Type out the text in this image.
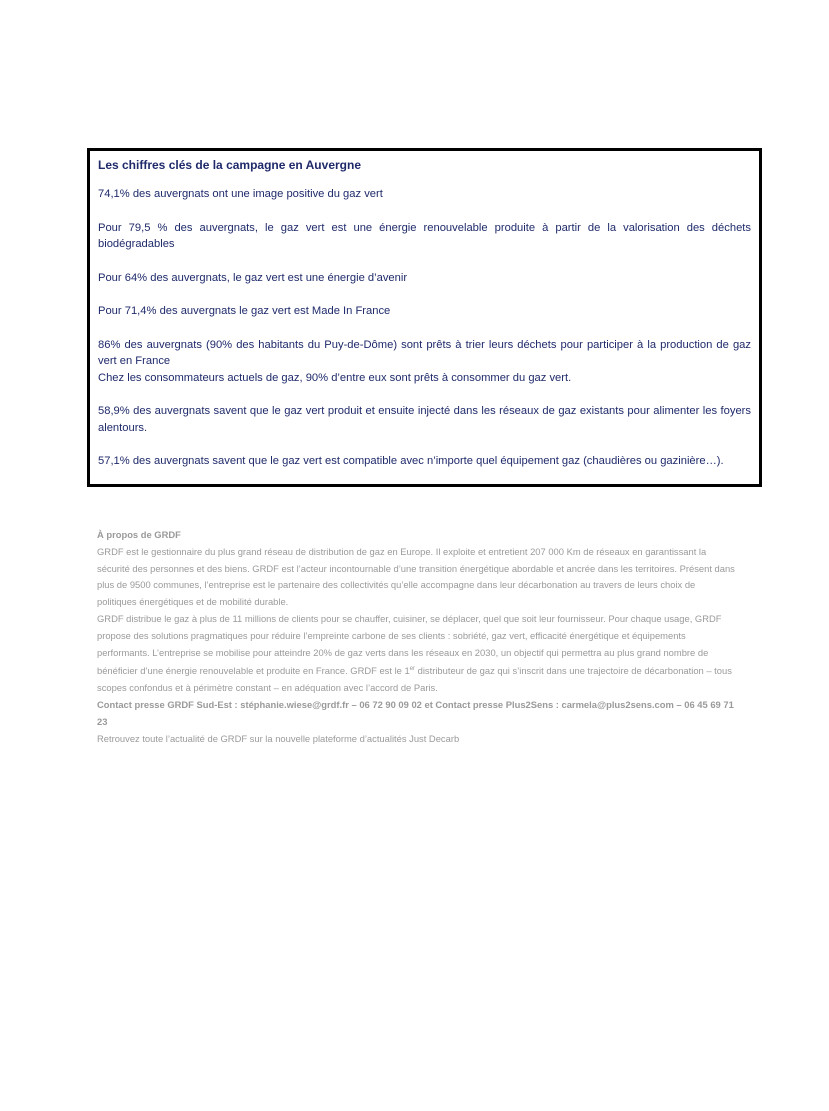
Les chiffres clés de la campagne en Auvergne

74,1% des auvergnats ont une image positive du gaz vert

Pour 79,5 % des auvergnats, le gaz vert est une énergie renouvelable produite à partir de la valorisation des déchets biodégradables

Pour 64% des auvergnats, le gaz vert est une énergie d’avenir

Pour 71,4% des auvergnats le gaz vert est Made In France

86% des auvergnats (90% des habitants du Puy-de-Dôme) sont prêts à trier leurs déchets pour participer à la production de gaz vert en France
Chez les consommateurs actuels de gaz, 90% d’entre eux sont prêts à consommer du gaz vert.

58,9% des auvergnats savent que le gaz vert produit et ensuite injecté dans les réseaux de gaz existants pour alimenter les foyers alentours.

57,1% des auvergnats savent que le gaz vert est compatible avec n’importe quel équipement gaz (chaudières ou gazinière…).

À propos de GRDF

GRDF est le gestionnaire du plus grand réseau de distribution de gaz en Europe. Il exploite et entretient 207 000 Km de réseaux en garantissant la sécurité des personnes et des biens. GRDF est l’acteur incontournable d’une transition énergétique abordable et ancrée dans les territoires. Présent dans plus de 9500 communes, l’entreprise est le partenaire des collectivités qu’elle accompagne dans leur décarbonation au travers de leurs choix de politiques énergétiques et de mobilité durable.

GRDF distribue le gaz à plus de 11 millions de clients pour se chauffer, cuisiner, se déplacer, quel que soit leur fournisseur. Pour chaque usage, GRDF propose des solutions pragmatiques pour réduire l’empreinte carbone de ses clients : sobriété, gaz vert, efficacité énergétique et équipements performants. L’entreprise se mobilise pour atteindre 20% de gaz verts dans les réseaux en 2030, un objectif qui permettra au plus grand nombre de bénéficier d’une énergie renouvelable et produite en France. GRDF est le 1er distributeur de gaz qui s’inscrit dans une trajectoire de décarbonation – tous scopes confondus et à périmètre constant – en adéquation avec l’accord de Paris.

Contact presse GRDF Sud-Est : stéphanie.wiese@grdf.fr – 06 72 90 09 02 et Contact presse Plus2Sens : carmela@plus2sens.com – 06 45 69 71 23

Retrouvez toute l’actualité de GRDF sur la nouvelle plateforme d’actualités Just Decarb
